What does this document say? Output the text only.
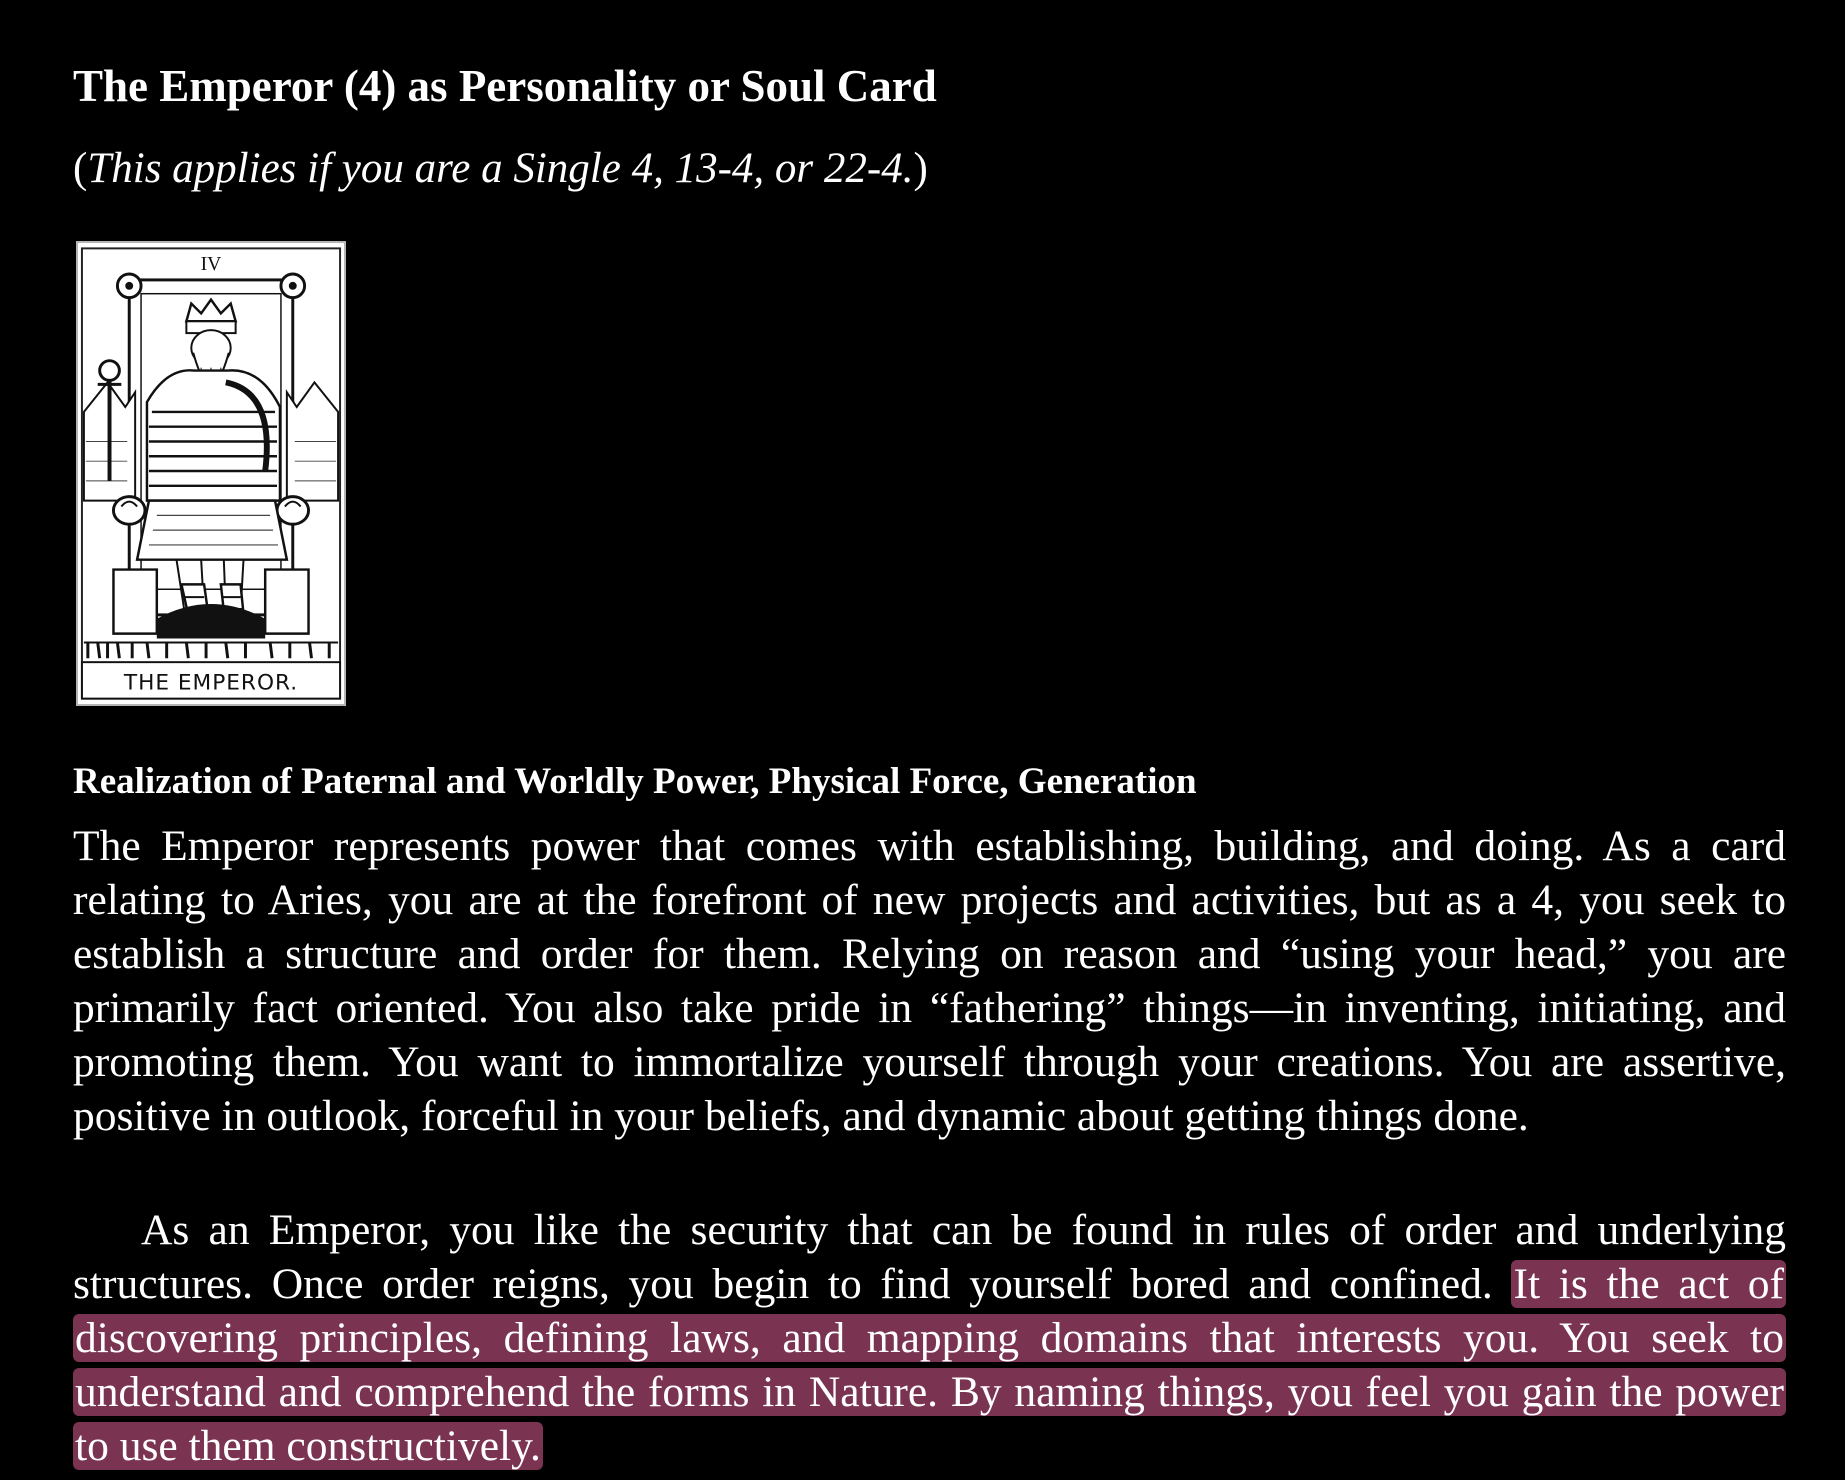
The Emperor (4) as Personality or Soul Card

(This applies if you are a Single 4, 13-4, or 22-4.)

IV
THE EMPEROR.
Realization of Paternal and Worldly Power, Physical Force, Generation

The Emperor represents power that comes with establishing, building, and doing. As a card relating to Aries, you are at the forefront of new projects and activities, but as a 4, you seek to establish a structure and order for them. Relying on reason and “using your head,” you are primarily fact oriented. You also take pride in “fathering” things—in inventing, initiating, and promoting them. You want to immortalize yourself through your creations. You are assertive, positive in outlook, forceful in your beliefs, and dynamic about getting things done.

As an Emperor, you like the security that can be found in rules of order and underlying structures. Once order reigns, you begin to find yourself bored and confined. It is the act of discovering principles, defining laws, and mapping domains that interests you. You seek to understand and comprehend the forms in Nature. By naming things, you feel you gain the power to use them constructively.
